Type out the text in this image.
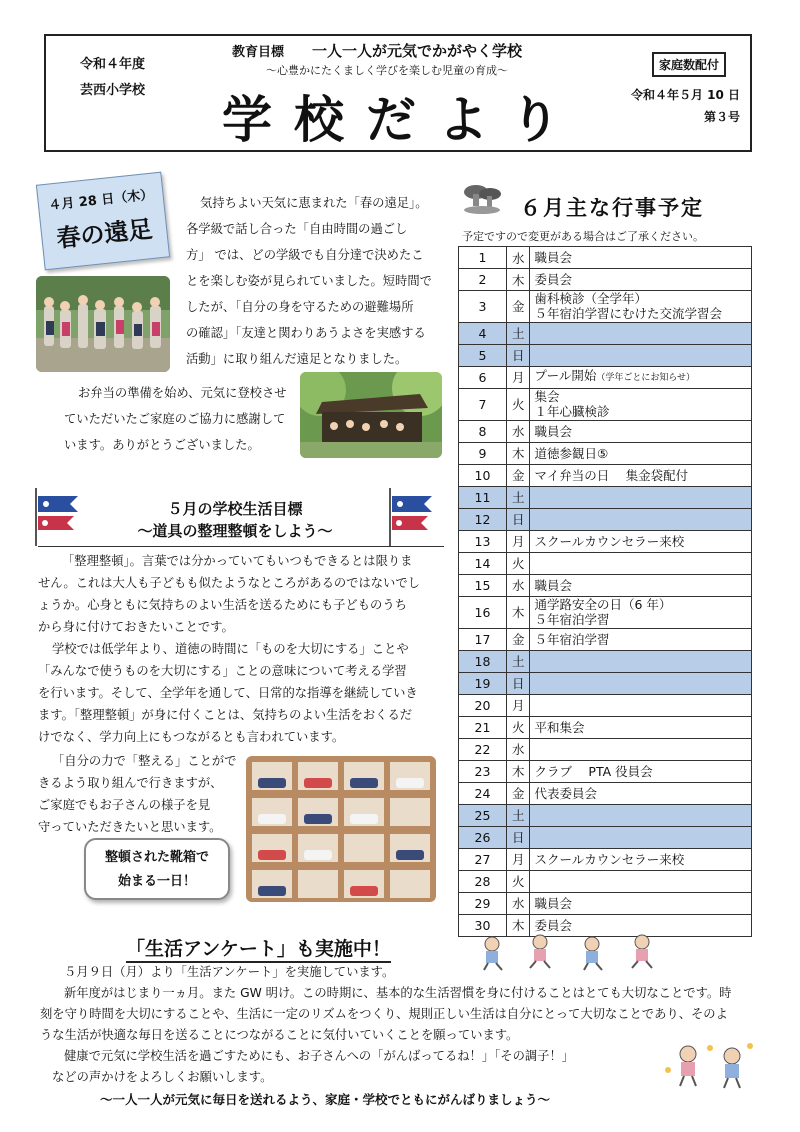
令和４年度
芸西小学校
教育目標 一人一人が元気でかがやく学校
～心豊かにたくましく学びを楽しむ児童の育成～
学校だより
家庭数配付
令和４年５月 10 日
第３号
４月 28 日（木）
春の遠足
気持ちよい天気に恵まれた「春の遠足」。
各学級で話し合った「自由時間の過ごし
方」 では、どの学級でも自分達で決めたこ
とを楽しむ姿が見られていました。短時間で
したが、「自分の身を守るための避難場所
の確認」「友達と関わりあうよさを実感する
活動」に取り組んだ遠足となりました。
お弁当の準備を始め、元気に登校させ
ていただいたご家庭のご協力に感謝して
います。ありがとうございました。
６月主な行事予定
予定ですので変更がある場合はご了承ください。
1	水	職員会
2	木	委員会
3	金	歯科検診（全学年）
５年宿泊学習にむけた交流学習会
4	土	
5	日	
6	月	プール開始（学年ごとにお知らせ）
7	火	集会
１年心臓検診
8	水	職員会
9	木	道徳参観日⑤
10	金	マイ弁当の日　 集金袋配付
11	土	
12	日	
13	月	スクールカウンセラー来校
14	火	
15	水	職員会
16	木	通学路安全の日（6 年）
５年宿泊学習
17	金	５年宿泊学習
18	土	
19	日	
20	月	
21	火	平和集会
22	水	
23	木	クラブ　 PTA 役員会
24	金	代表委員会
25	土	
26	日	
27	月	スクールカウンセラー来校
28	火	
29	水	職員会
30	木	委員会
５月の学校生活目標
～道具の整理整頓をしよう～
「整理整頓」。言葉では分かっていてもいつもできるとは限りま
せん。これは大人も子どもも似たようなところがあるのではないでし
ょうか。心身ともに気持ちのよい生活を送るためにも子どものうち
から身に付けておきたいことです。
学校では低学年より、道徳の時間に「ものを大切にする」ことや
「みんなで使うものを大切にする」ことの意味について考える学習
を行います。そして、全学年を通して、日常的な指導を継続していき
ます。「整理整頓」が身に付くことは、気持ちのよい生活をおくるだ
けでなく、学力向上にもつながるとも言われています。
「自分の力で「整える」ことがで
きるよう取り組んで行きますが、
ご家庭でもお子さんの様子を見
守っていただきたいと思います。
整頓された靴箱で
始まる一日！
「生活アンケート」も実施中！
５月９日（月）より「生活アンケート」を実施しています。
新年度がはじまり一ヵ月。また GW 明け。この時期に、基本的な生活習慣を身に付けることはとても大切なことです。時
刻を守り時間を大切にすることや、生活に一定のリズムをつくり、規則正しい生活は自分にとって大切なことであり、そのよ
うな生活が快適な毎日を送ることにつながることに気付いていくことを願っています。
健康で元気に学校生活を過ごすためにも、お子さんへの「がんばってるね！」「その調子！」
などの声かけをよろしくお願いします。
～一人一人が元気に毎日を送れるよう、家庭・学校でともにがんばりましょう～
